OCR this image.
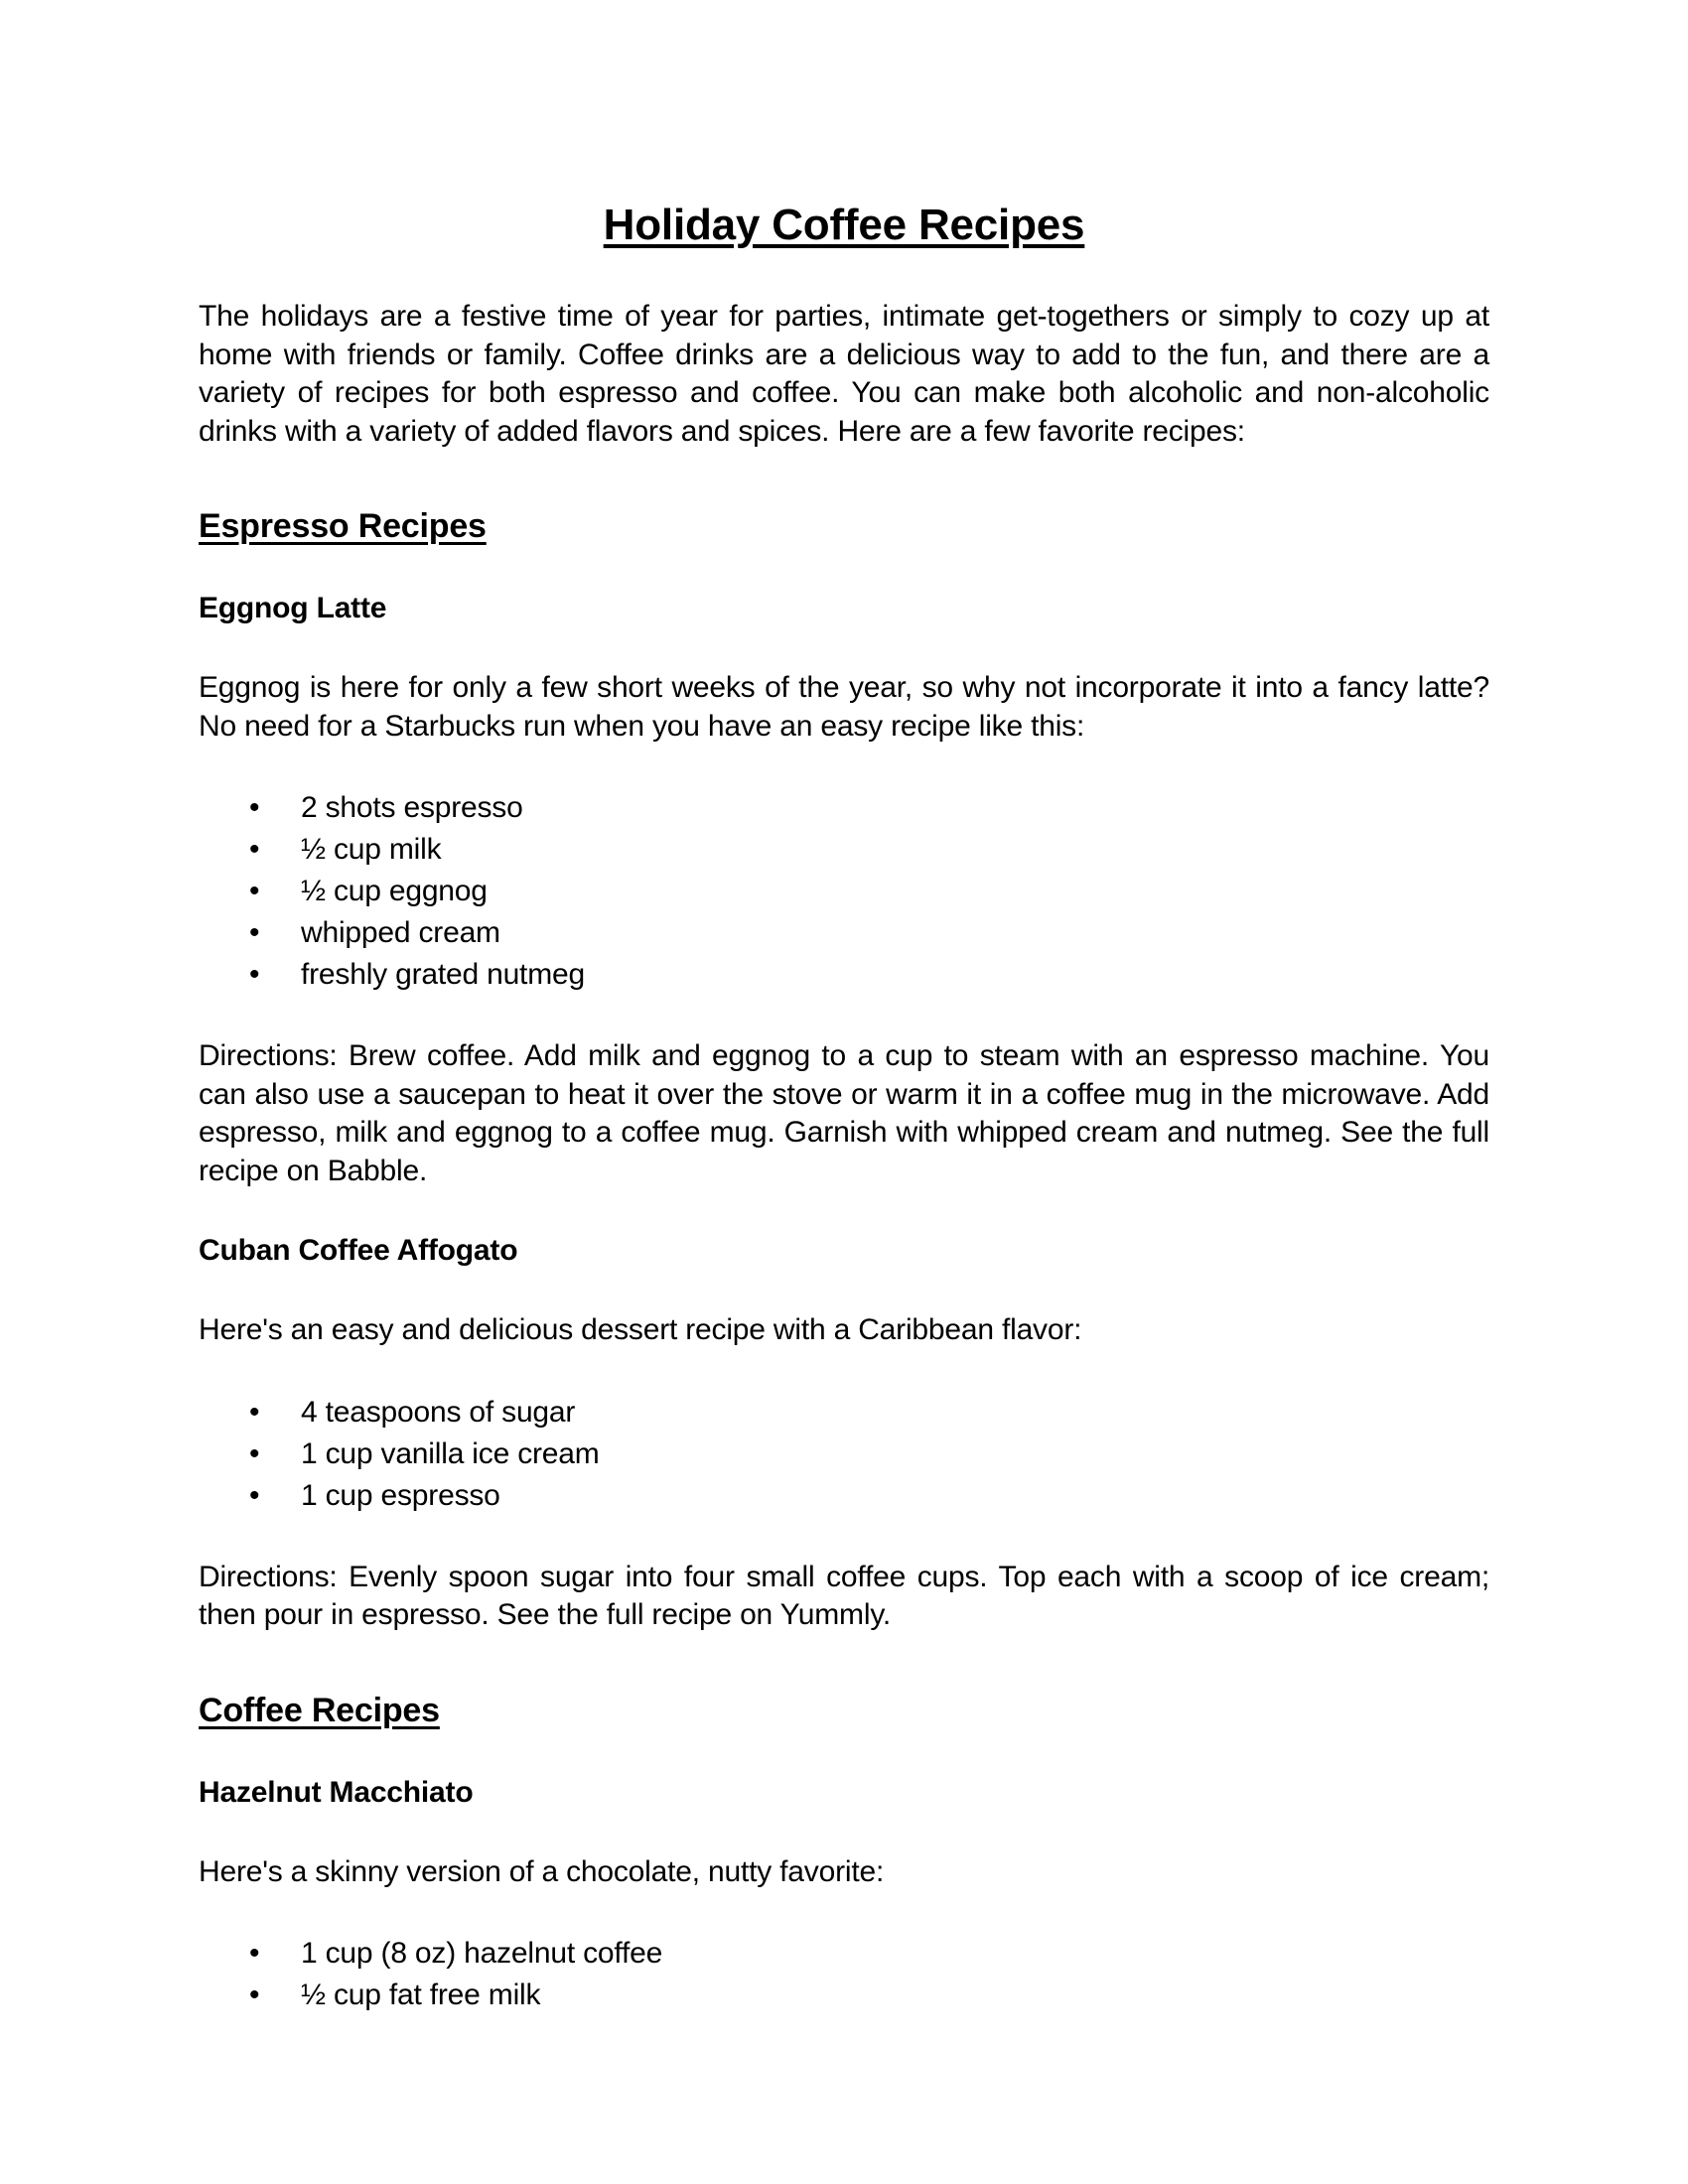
Holiday Coffee Recipes

The holidays are a festive time of year for parties, intimate get-togethers or simply to cozy up at home with friends or family. Coffee drinks are a delicious way to add to the fun, and there are a variety of recipes for both espresso and coffee. You can make both alcoholic and non-alcoholic drinks with a variety of added flavors and spices. Here are a few favorite recipes:

Espresso Recipes
Eggnog Latte

Eggnog is here for only a few short weeks of the year, so why not incorporate it into a fancy latte? No need for a Starbucks run when you have an easy recipe like this:

• 2 shots espresso
• ½ cup milk
• ½ cup eggnog
• whipped cream
• freshly grated nutmeg

Directions: Brew coffee. Add milk and eggnog to a cup to steam with an espresso machine. You can also use a saucepan to heat it over the stove or warm it in a coffee mug in the microwave. Add espresso, milk and eggnog to a coffee mug. Garnish with whipped cream and nutmeg. See the full recipe on Babble.

Cuban Coffee Affogato

Here's an easy and delicious dessert recipe with a Caribbean flavor:

• 4 teaspoons of sugar
• 1 cup vanilla ice cream
• 1 cup espresso

Directions: Evenly spoon sugar into four small coffee cups. Top each with a scoop of ice cream; then pour in espresso. See the full recipe on Yummly.

Coffee Recipes
Hazelnut Macchiato

Here's a skinny version of a chocolate, nutty favorite:

• 1 cup (8 oz) hazelnut coffee
• ½ cup fat free milk
